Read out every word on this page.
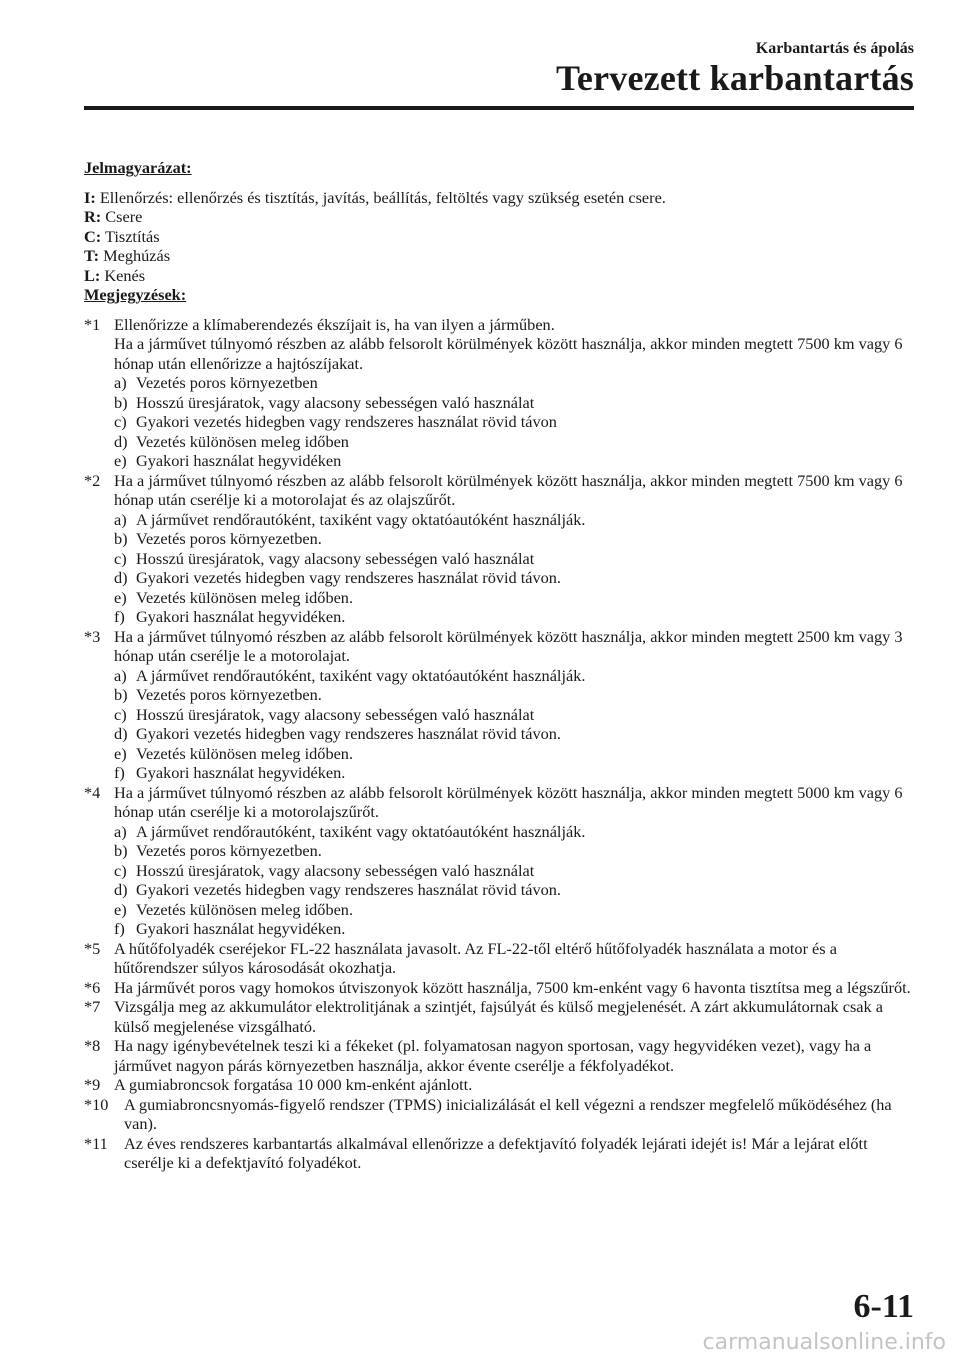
Karbantartás és ápolás
Tervezett karbantartás
Jelmagyarázat:
I: Ellenőrzés: ellenőrzés és tisztítás, javítás, beállítás, feltöltés vagy szükség esetén csere.
R: Csere
C: Tisztítás
T: Meghúzás
L: Kenés
Megjegyzések:
*1 Ellenőrizze a klímaberendezés ékszíjait is, ha van ilyen a járműben.
Ha a járművet túlnyomó részben az alább felsorolt körülmények között használja, akkor minden megtett 7500 km vagy 6 hónap után ellenőrizze a hajtószíjakat.
a) Vezetés poros környezetben
b) Hosszú üresjáratok, vagy alacsony sebességen való használat
c) Gyakori vezetés hidegben vagy rendszeres használat rövid távon
d) Vezetés különösen meleg időben
e) Gyakori használat hegyvidéken
*2 Ha a járművet túlnyomó részben az alább felsorolt körülmények között használja, akkor minden megtett 7500 km vagy 6 hónap után cserélje ki a motorolajat és az olajszűrőt.
a) A járművet rendőrautóként, taxiként vagy oktatóautóként használják.
b) Vezetés poros környezetben.
c) Hosszú üresjáratok, vagy alacsony sebességen való használat
d) Gyakori vezetés hidegben vagy rendszeres használat rövid távon.
e) Vezetés különösen meleg időben.
f) Gyakori használat hegyvidéken.
*3 Ha a járművet túlnyomó részben az alább felsorolt körülmények között használja, akkor minden megtett 2500 km vagy 3 hónap után cserélje le a motorolajat.
a) A járművet rendőrautóként, taxiként vagy oktatóautóként használják.
b) Vezetés poros környezetben.
c) Hosszú üresjáratok, vagy alacsony sebességen való használat
d) Gyakori vezetés hidegben vagy rendszeres használat rövid távon.
e) Vezetés különösen meleg időben.
f) Gyakori használat hegyvidéken.
*4 Ha a járművet túlnyomó részben az alább felsorolt körülmények között használja, akkor minden megtett 5000 km vagy 6 hónap után cserélje ki a motorolajszűrőt.
a) A járművet rendőrautóként, taxiként vagy oktatóautóként használják.
b) Vezetés poros környezetben.
c) Hosszú üresjáratok, vagy alacsony sebességen való használat
d) Gyakori vezetés hidegben vagy rendszeres használat rövid távon.
e) Vezetés különösen meleg időben.
f) Gyakori használat hegyvidéken.
*5 A hűtőfolyadék cseréjekor FL-22 használata javasolt. Az FL-22-től eltérő hűtőfolyadék használata a motor és a hűtőrendszer súlyos károsodását okozhatja.
*6 Ha járművét poros vagy homokos útviszonyok között használja, 7500 km-enként vagy 6 havonta tisztítsa meg a légszűrőt.
*7 Vizsgálja meg az akkumulátor elektrolitjának a szintjét, fajsúlyát és külső megjelenését. A zárt akkumulátornak csak a külső megjelenése vizsgálható.
*8 Ha nagy igénybevételnek teszi ki a fékeket (pl. folyamatosan nagyon sportosan, vagy hegyvidéken vezet), vagy ha a járművet nagyon párás környezetben használja, akkor évente cserélje a fékfolyadékot.
*9 A gumiabroncsok forgatása 10 000 km-enként ajánlott.
*10 A gumiabroncsnyomás-figyelő rendszer (TPMS) inicializálását el kell végezni a rendszer megfelelő működéséhez (ha van).
*11 Az éves rendszeres karbantartás alkalmával ellenőrizze a defektjavító folyadék lejárati idejét is! Már a lejárat előtt cserélje ki a defektjavító folyadékot.
6-11
carmanualsonline.info
